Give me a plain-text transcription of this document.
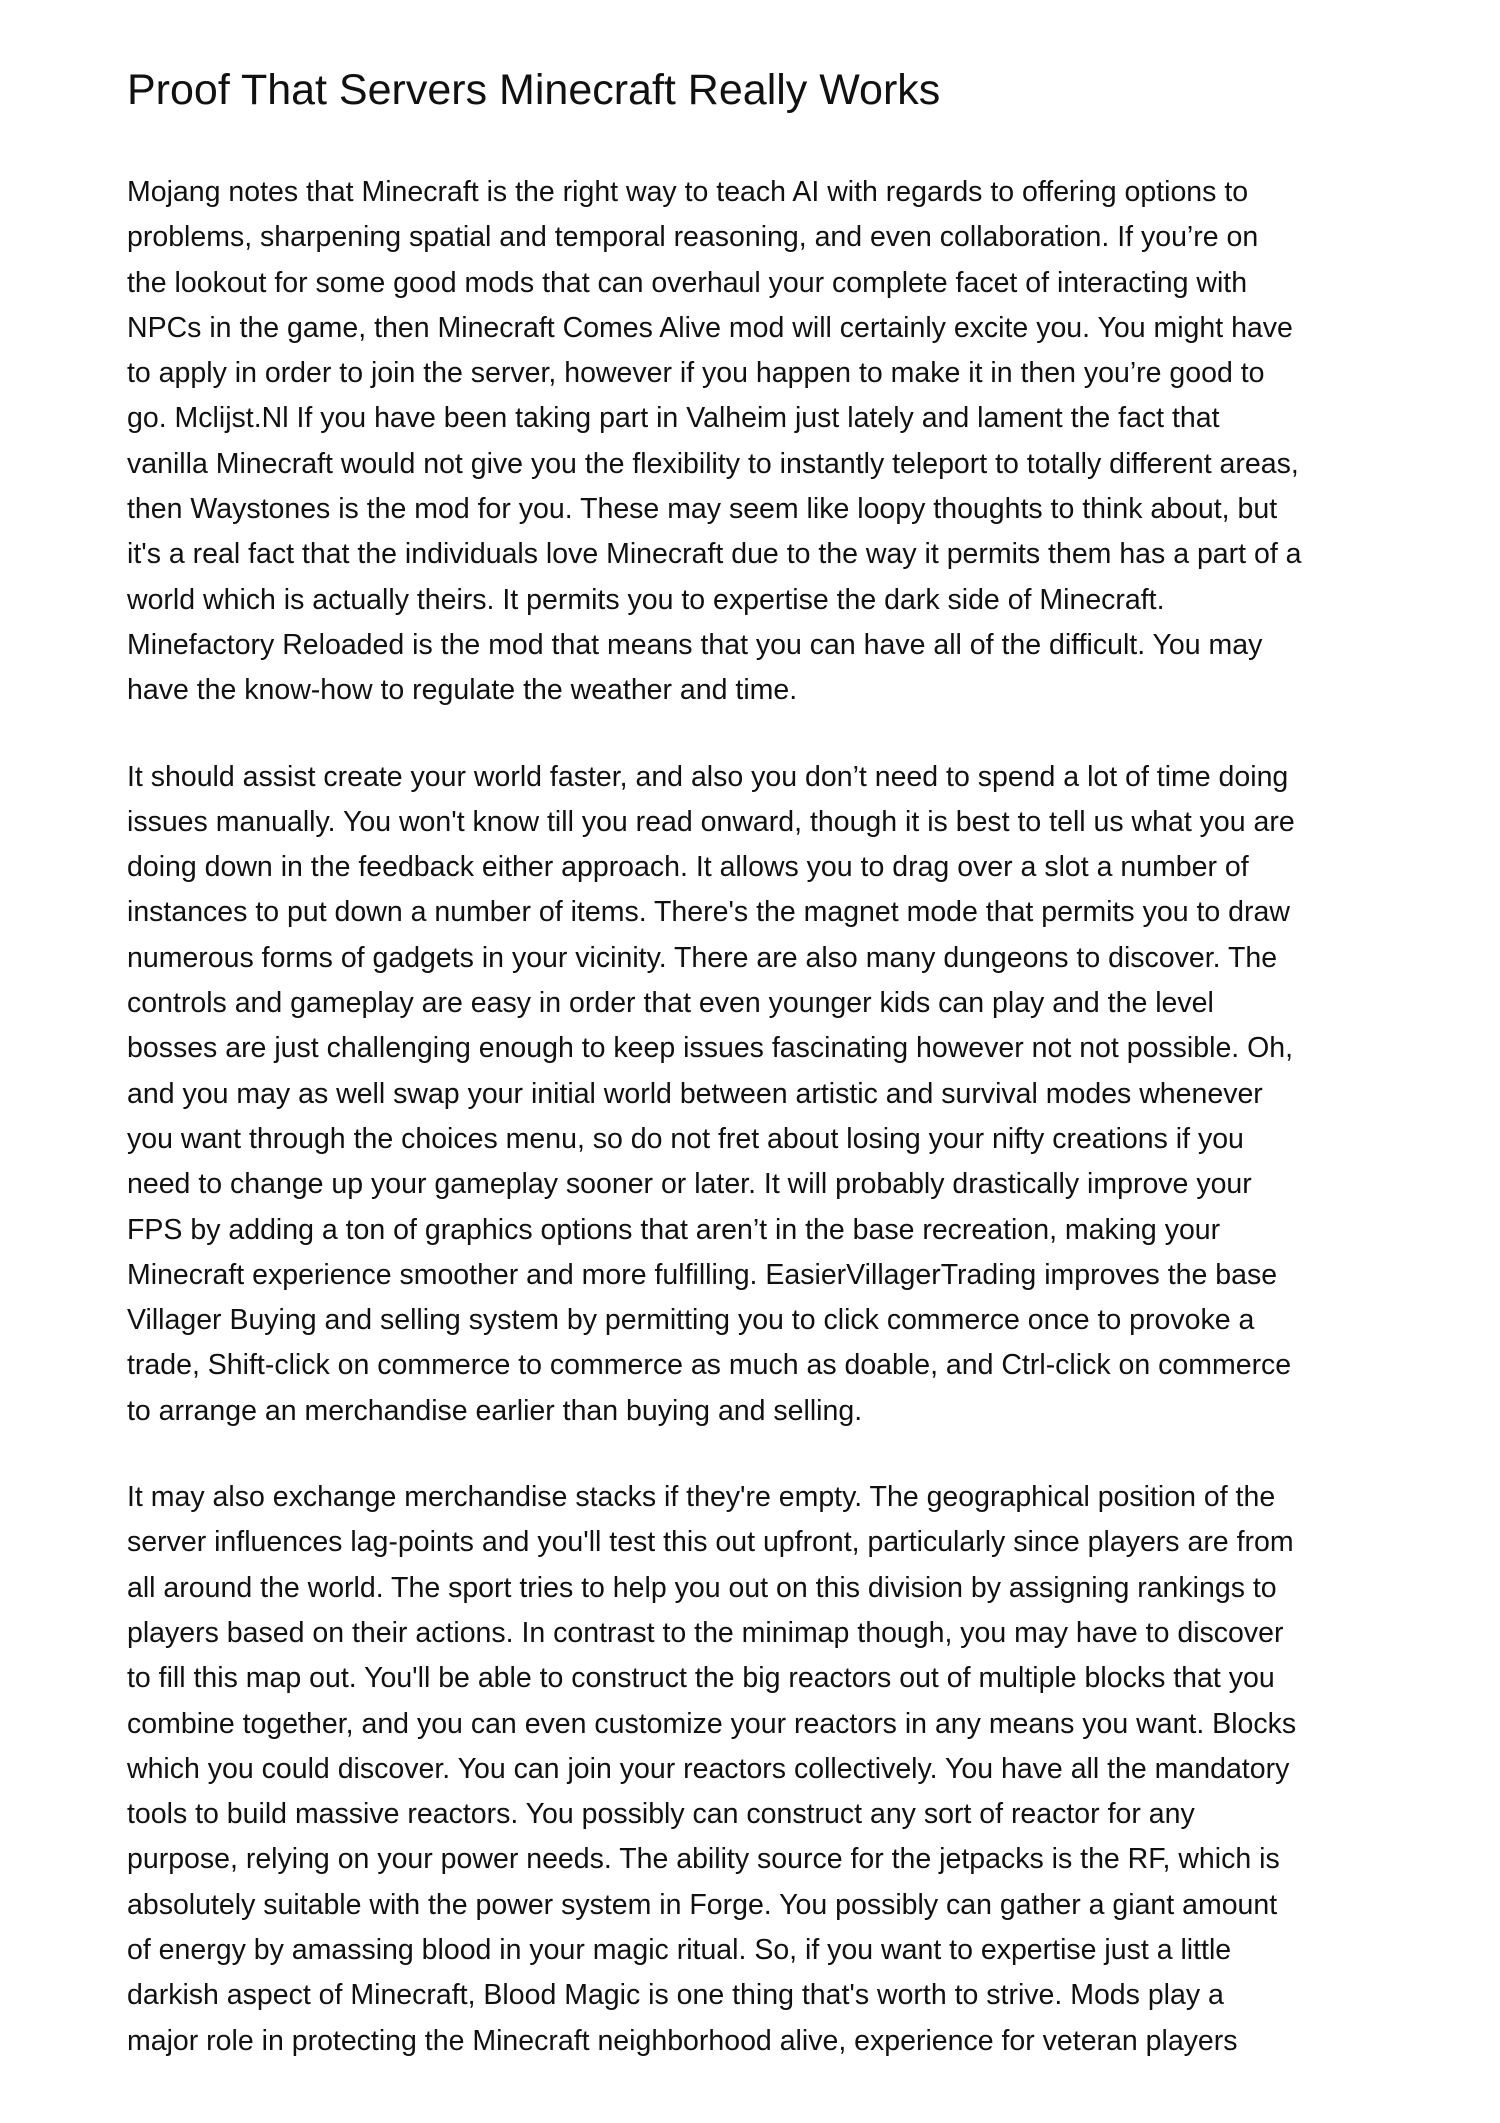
Proof That Servers Minecraft Really Works

Mojang notes that Minecraft is the right way to teach AI with regards to offering options to
problems, sharpening spatial and temporal reasoning, and even collaboration. If you’re on
the lookout for some good mods that can overhaul your complete facet of interacting with
NPCs in the game, then Minecraft Comes Alive mod will certainly excite you. You might have
to apply in order to join the server, however if you happen to make it in then you’re good to
go. Mclijst.Nl If you have been taking part in Valheim just lately and lament the fact that
vanilla Minecraft would not give you the flexibility to instantly teleport to totally different areas,
then Waystones is the mod for you. These may seem like loopy thoughts to think about, but
it's a real fact that the individuals love Minecraft due to the way it permits them has a part of a
world which is actually theirs. It permits you to expertise the dark side of Minecraft.
Minefactory Reloaded is the mod that means that you can have all of the difficult. You may
have the know-how to regulate the weather and time.

It should assist create your world faster, and also you don’t need to spend a lot of time doing
issues manually. You won't know till you read onward, though it is best to tell us what you are
doing down in the feedback either approach. It allows you to drag over a slot a number of
instances to put down a number of items. There's the magnet mode that permits you to draw
numerous forms of gadgets in your vicinity. There are also many dungeons to discover. The
controls and gameplay are easy in order that even younger kids can play and the level
bosses are just challenging enough to keep issues fascinating however not not possible. Oh,
and you may as well swap your initial world between artistic and survival modes whenever
you want through the choices menu, so do not fret about losing your nifty creations if you
need to change up your gameplay sooner or later. It will probably drastically improve your
FPS by adding a ton of graphics options that aren’t in the base recreation, making your
Minecraft experience smoother and more fulfilling. EasierVillagerTrading improves the base
Villager Buying and selling system by permitting you to click commerce once to provoke a
trade, Shift-click on commerce to commerce as much as doable, and Ctrl-click on commerce
to arrange an merchandise earlier than buying and selling.

It may also exchange merchandise stacks if they're empty. The geographical position of the
server influences lag-points and you'll test this out upfront, particularly since players are from
all around the world. The sport tries to help you out on this division by assigning rankings to
players based on their actions. In contrast to the minimap though, you may have to discover
to fill this map out. You'll be able to construct the big reactors out of multiple blocks that you
combine together, and you can even customize your reactors in any means you want. Blocks
which you could discover. You can join your reactors collectively. You have all the mandatory
tools to build massive reactors. You possibly can construct any sort of reactor for any
purpose, relying on your power needs. The ability source for the jetpacks is the RF, which is
absolutely suitable with the power system in Forge. You possibly can gather a giant amount
of energy by amassing blood in your magic ritual. So, if you want to expertise just a little
darkish aspect of Minecraft, Blood Magic is one thing that's worth to strive. Mods play a
major role in protecting the Minecraft neighborhood alive, experience for veteran players
